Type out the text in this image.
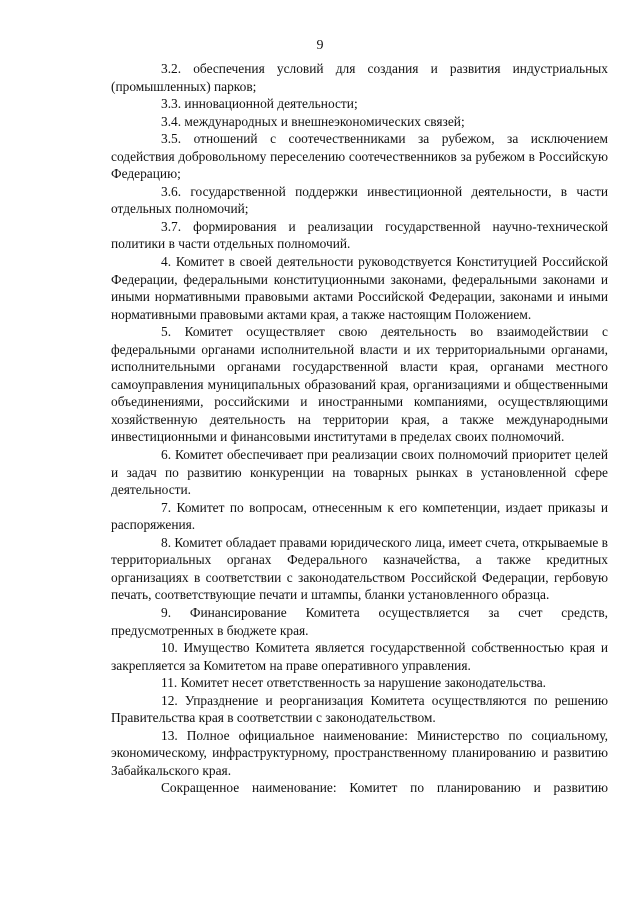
9

3.2. обеспечения условий для создания и развития индустриальных (промышленных) парков;

3.3. инновационной деятельности;

3.4. международных и внешнеэкономических связей;

3.5. отношений с соотечественниками за рубежом, за исключением содействия добровольному переселению соотечественников за рубежом в Российскую Федерацию;

3.6. государственной поддержки инвестиционной деятельности, в части отдельных полномочий;

3.7. формирования и реализации государственной научно-технической политики в части отдельных полномочий.

4. Комитет в своей деятельности руководствуется Конституцией Российской Федерации, федеральными конституционными законами, федеральными законами и иными нормативными правовыми актами Российской Федерации, законами и иными нормативными правовыми актами края, а также настоящим Положением.

5. Комитет осуществляет свою деятельность во взаимодействии с федеральными органами исполнительной власти и их территориальными органами, исполнительными органами государственной власти края, органами местного самоуправления муниципальных образований края, организациями и общественными объединениями, российскими и иностранными компаниями, осуществляющими хозяйственную деятельность на территории края, а также международными инвестиционными и финансовыми институтами в пределах своих полномочий.

6. Комитет обеспечивает при реализации своих полномочий приоритет целей и задач по развитию конкуренции на товарных рынках в установленной сфере деятельности.

7. Комитет по вопросам, отнесенным к его компетенции, издает приказы и распоряжения.

8. Комитет обладает правами юридического лица, имеет счета, открываемые в территориальных органах Федерального казначейства, а также кредитных организациях в соответствии с законодательством Российской Федерации, гербовую печать, соответствующие печати и штампы, бланки установленного образца.

9. Финансирование Комитета осуществляется за счет средств, предусмотренных в бюджете края.

10. Имущество Комитета является государственной собственностью края и закрепляется за Комитетом на праве оперативного управления.

11. Комитет несет ответственность за нарушение законодательства.

12. Упразднение и реорганизация Комитета осуществляются по решению Правительства края в соответствии с законодательством.

13. Полное официальное наименование: Министерство по социальному, экономическому, инфраструктурному, пространственному планированию и развитию Забайкальского края.

Сокращенное наименование: Комитет по планированию и развитию
